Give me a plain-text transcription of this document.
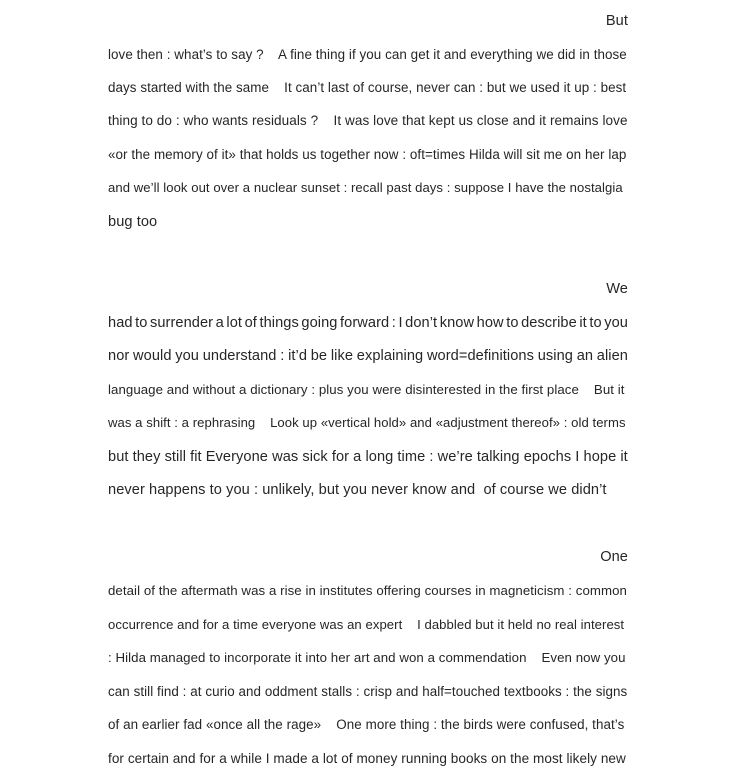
But
love then : what’s to say ?    A fine thing if you can get it and everything we did in those
days started with the same    It can’t last of course, never can : but we used it up : best
thing to do : who wants residuals ?    It was love that kept us close and it remains love
«or the memory of it» that holds us together now : oft=times Hilda will sit me on her lap
and we’ll look out over a nuclear sunset : recall past days : suppose I have the nostalgia
bug too
We
had to surrender a lot of things going forward : I don’t know how to describe it to you
nor would you understand : it’d be like explaining word=definitions using an alien
language and without a dictionary : plus you were disinterested in the first place    But it
was a shift : a rephrasing    Look up «vertical hold» and «adjustment thereof» : old terms
but they still fit Everyone was sick for a long time : we’re talking epochs I hope it
never happens to you : unlikely, but you never know and  of course we didn’t
One
detail of the aftermath was a rise in institutes offering courses in magneticism : common
occurrence and for a time everyone was an expert    I dabbled but it held no real interest
: Hilda managed to incorporate it into her art and won a commendation    Even now you
can still find : at curio and oddment stalls : crisp and half=touched textbooks : the signs
of an earlier fad «once all the rage»    One more thing : the birds were confused, that’s
for certain and for a while I made a lot of money running books on the most likely new
